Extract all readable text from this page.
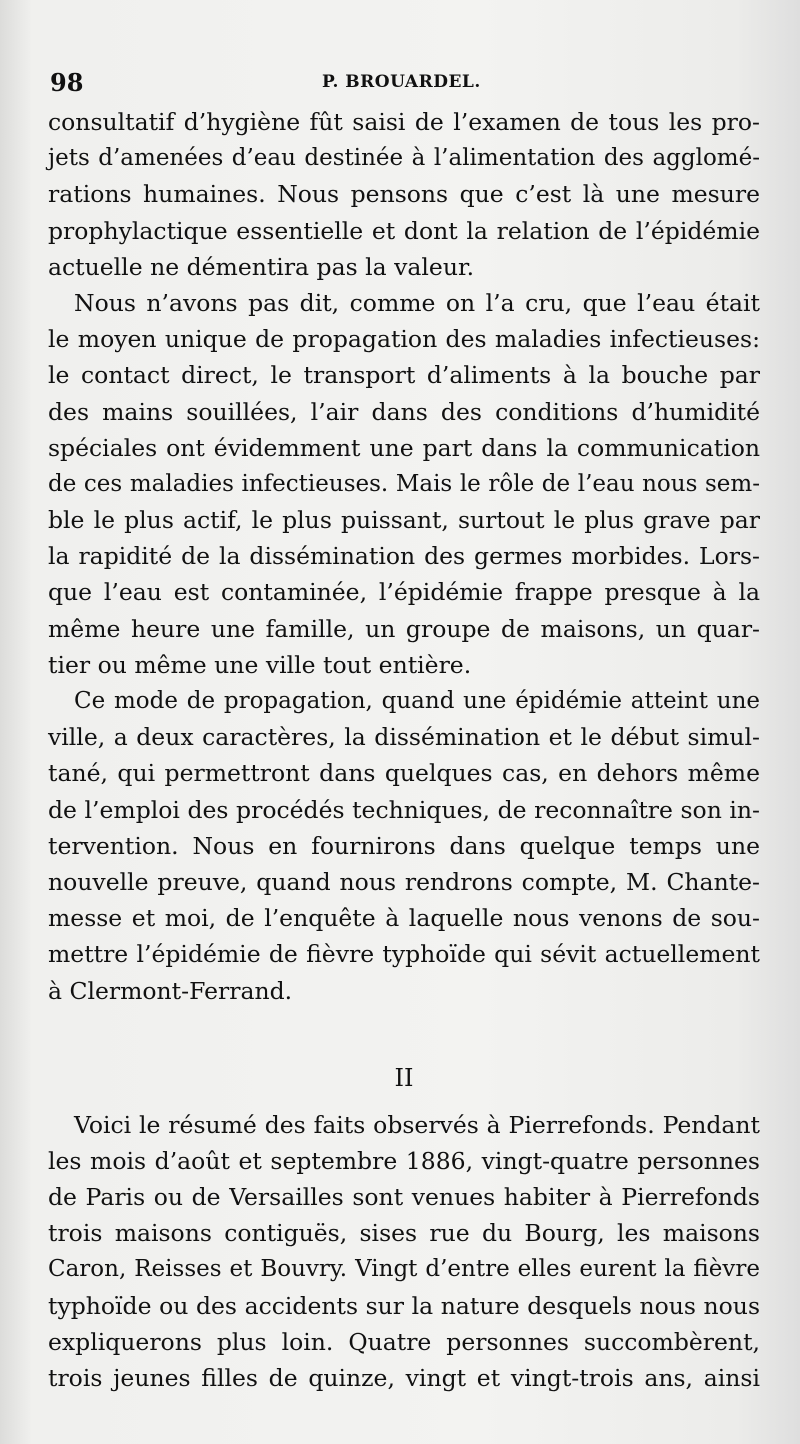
98	P. BROUARDEL.
consultatif d’hygiène fût saisi de l’examen de tous les pro-
jets d’amenées d’eau destinée à l’alimentation des agglomé-
rations humaines. Nous pensons que c’est là une mesure
prophylactique essentielle et dont la relation de l’épidémie
actuelle ne démentira pas la valeur.
Nous n’avons pas dit, comme on l’a cru, que l’eau était
le moyen unique de propagation des maladies infectieuses:
le contact direct, le transport d’aliments à la bouche par
des mains souillées, l’air dans des conditions d’humidité
spéciales ont évidemment une part dans la communication
de ces maladies infectieuses. Mais le rôle de l’eau nous sem-
ble le plus actif, le plus puissant, surtout le plus grave par
la rapidité de la dissémination des germes morbides. Lors-
que l’eau est contaminée, l’épidémie frappe presque à la
même heure une famille, un groupe de maisons, un quar-
tier ou même une ville tout entière.
Ce mode de propagation, quand une épidémie atteint une
ville, a deux caractères, la dissémination et le début simul-
tané, qui permettront dans quelques cas, en dehors même
de l’emploi des procédés techniques, de reconnaître son in-
tervention. Nous en fournirons dans quelque temps une
nouvelle preuve, quand nous rendrons compte, M. Chante-
messe et moi, de l’enquête à laquelle nous venons de sou-
mettre l’épidémie de fièvre typhoïde qui sévit actuellement
à Clermont-Ferrand.
II
Voici le résumé des faits observés à Pierrefonds. Pendant
les mois d’août et septembre 1886, vingt-quatre personnes
de Paris ou de Versailles sont venues habiter à Pierrefonds
trois maisons contiguës, sises rue du Bourg, les maisons
Caron, Reisses et Bouvry. Vingt d’entre elles eurent la fièvre
typhoïde ou des accidents sur la nature desquels nous nous
expliquerons plus loin. Quatre personnes succombèrent,
trois jeunes filles de quinze, vingt et vingt-trois ans, ainsi
